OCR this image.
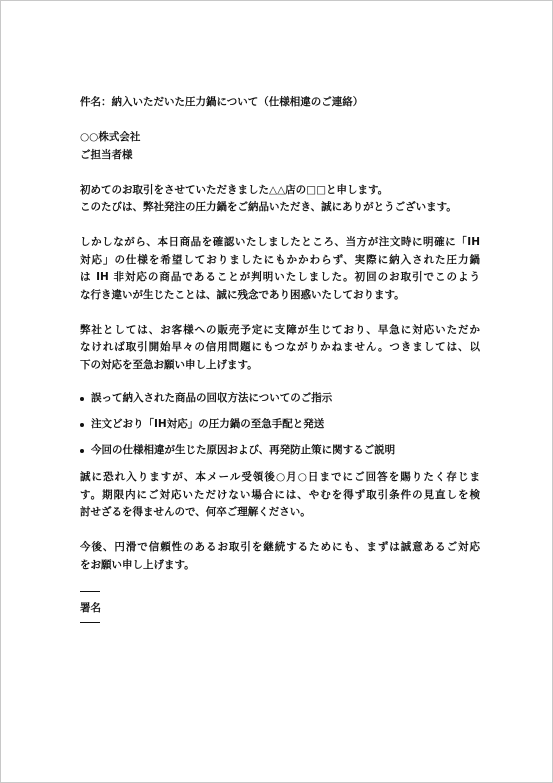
件名：納入いただいた圧力鍋について（仕様相違のご連絡）
○○株式会社
ご担当者様
初めてのお取引をさせていただきました△△店の□□と申します。
このたびは、弊社発注の圧力鍋をご納品いただき、誠にありがとうございます。
しかしながら、本日商品を確認いたしましたところ、当方が注文時に明確に「IH
対応」の仕様を希望しておりましたにもかかわらず、実際に納入された圧力鍋
は IH 非対応の商品であることが判明いたしました。初回のお取引でこのよう
な行き違いが生じたことは、誠に残念であり困惑いたしております。
弊社としては、お客様への販売予定に支障が生じており、早急に対応いただか
なければ取引開始早々の信用問題にもつながりかねません。つきましては、以
下の対応を至急お願い申し上げます。
誤って納入された商品の回収方法についてのご指示
注文どおり「IH対応」の圧力鍋の至急手配と発送
今回の仕様相違が生じた原因および、再発防止策に関するご説明
誠に恐れ入りますが、本メール受領後○月○日までにご回答を賜りたく存じま
す。期限内にご対応いただけない場合には、やむを得ず取引条件の見直しを検
討せざるを得ませんので、何卒ご理解ください。
今後、円滑で信頼性のあるお取引を継続するためにも、まずは誠意あるご対応
をお願い申し上げます。
署名
